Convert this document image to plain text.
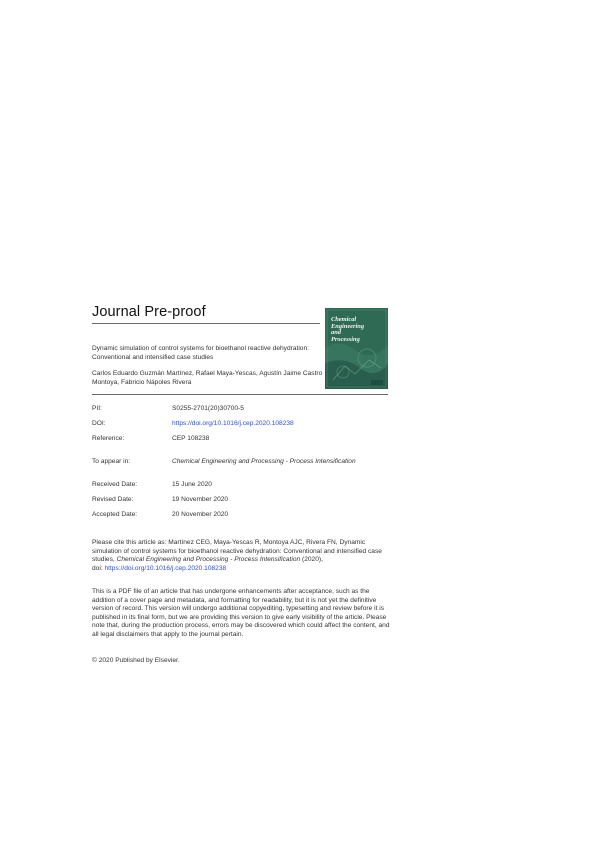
Journal Pre-proof
Dynamic simulation of control systems for bioethanol reactive dehydration: Conventional and intensified case studies
Carlos Eduardo Guzmán Martínez, Rafael Maya-Yescas, Agustín Jaime Castro Montoya, Fabricio Nápoles Rivera
Chemical
Engineering
and
Processing
PII:	S0255-2701(20)30700-5
DOI:	https://doi.org/10.1016/j.cep.2020.108238
Reference:	CEP 108238
To appear in:	Chemical Engineering and Processing - Process Intensification
Received Date:	15 June 2020
Revised Date:	19 November 2020
Accepted Date:	20 November 2020
Please cite this article as: Martínez CEG, Maya-Yescas R, Montoya AJC, Rivera FN, Dynamic simulation of control systems for bioethanol reactive dehydration: Conventional and intensified case studies, Chemical Engineering and Processing - Process Intensification (2020),
doi: https://doi.org/10.1016/j.cep.2020.108238
This is a PDF file of an article that has undergone enhancements after acceptance, such as the addition of a cover page and metadata, and formatting for readability, but it is not yet the definitive version of record. This version will undergo additional copyediting, typesetting and review before it is published in its final form, but we are providing this version to give early visibility of the article. Please note that, during the production process, errors may be discovered which could affect the content, and all legal disclaimers that apply to the journal pertain.
© 2020 Published by Elsevier.
